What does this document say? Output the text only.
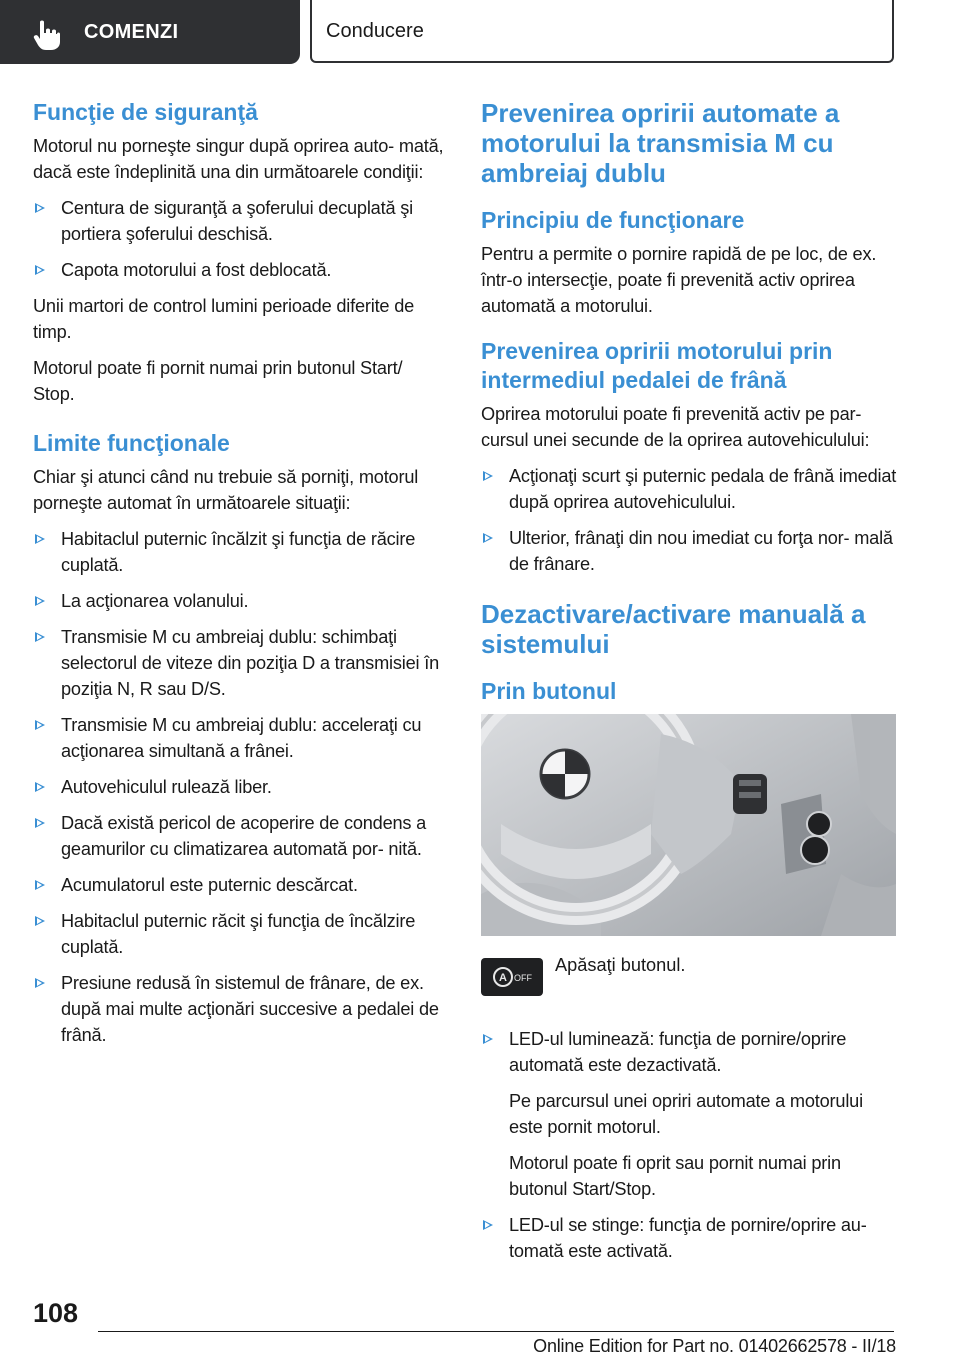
COMENZI	Conducere
Funcţie de siguranţă
Motorul nu porneşte singur după oprirea auto‐ mată, dacă este îndeplinită una din următoarele condiţii:
Centura de siguranţă a şoferului decuplată şi portiera şoferului deschisă.
Capota motorului a fost deblocată.
Unii martori de control lumini perioade diferite de timp.
Motorul poate fi pornit numai prin butonul Start/ Stop.
Limite funcţionale
Chiar şi atunci când nu trebuie să porniţi, motorul porneşte automat în următoarele situaţii:
Habitaclul puternic încălzit şi funcţia de răcire cuplată.
La acţionarea volanului.
Transmisie M cu ambreiaj dublu: schimbaţi selectorul de viteze din poziţia D a transmisiei în poziţia N, R sau D/S.
Transmisie M cu ambreiaj dublu: acceleraţi cu acţionarea simultană a frânei.
Autovehiculul rulează liber.
Dacă există pericol de acoperire de condens a geamurilor cu climatizarea automată por‐ nită.
Acumulatorul este puternic descărcat.
Habitaclul puternic răcit şi funcţia de încălzire cuplată.
Presiune redusă în sistemul de frânare, de ex. după mai multe acţionări succesive a pedalei de frână.
Prevenirea opririi automate a motorului la transmisia M cu ambreiaj dublu
Principiu de funcţionare
Pentru a permite o pornire rapidă de pe loc, de ex. într‐o intersecţie, poate fi prevenită activ oprirea automată a motorului.
Prevenirea opririi motorului prin intermediul pedalei de frână
Oprirea motorului poate fi prevenită activ pe par‐ cursul unei secunde de la oprirea autovehiculului:
Acţionaţi scurt şi puternic pedala de frână imediat după oprirea autovehiculului.
Ulterior, frânaţi din nou imediat cu forţa nor‐ mală de frânare.
Dezactivare/activare manuală a sistemului
Prin butonul
A OFF
Apăsaţi butonul.
LED‐ul luminează: funcţia de pornire/oprire automată este dezactivată.
Pe parcursul unei opriri automate a motorului este pornit motorul.
Motorul poate fi oprit sau pornit numai prin butonul Start/Stop.
LED‐ul se stinge: funcţia de pornire/oprire au‐ tomată este activată.
108
Online Edition for Part no. 01402662578 - II/18
